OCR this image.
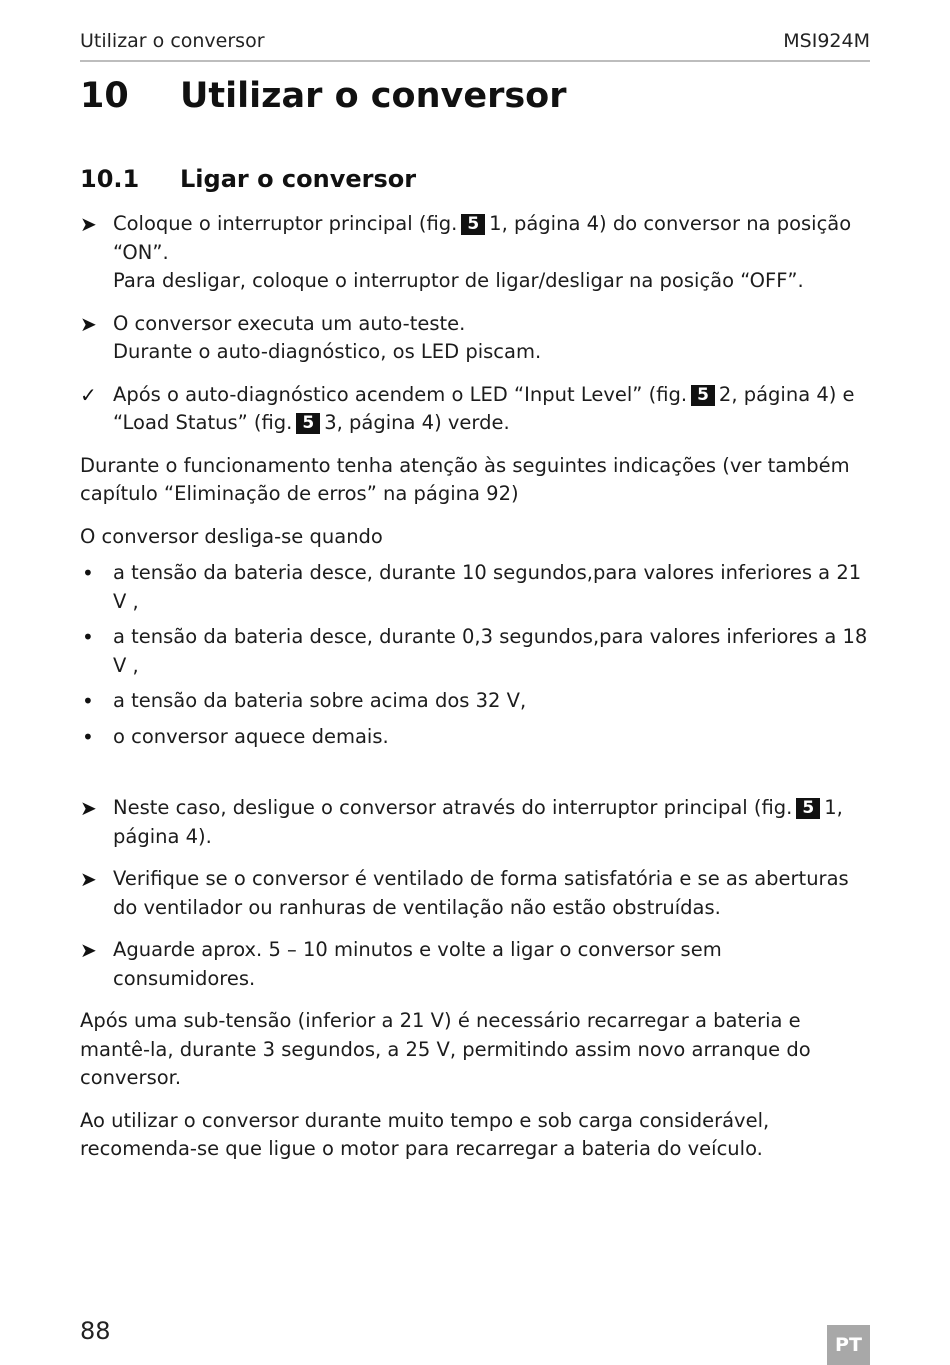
Utilizar o conversor	MSI924M
10 Utilizar o conversor
10.1 Ligar o conversor
➤ Coloque o interruptor principal (fig. 5 1, página 4) do conversor na posição

“ON”.

Para desligar, coloque o interruptor de ligar/desligar na posição “OFF”.

➤ O conversor executa um auto-teste.

Durante o auto-diagnóstico, os LED piscam.

✓ Após o auto-diagnóstico acendem o LED “Input Level” (fig. 5 2, página 4) e

“Load Status” (fig. 5 3, página 4) verde.

Durante o funcionamento tenha atenção às seguintes indicações (ver também capítulo “Eliminação de erros” na página 92)

O conversor desliga-se quando

• a tensão da bateria desce, durante 10 segundos,para valores inferiores a 21 V ,
• a tensão da bateria desce, durante 0,3 segundos,para valores inferiores a 18 V ,
• a tensão da bateria sobre acima dos 32 V,
• o conversor aquece demais.
➤ Neste caso, desligue o conversor através do interruptor principal (fig. 5 1,

página 4).

➤ Verifique se o conversor é ventilado de forma satisfatória e se as aberturas do ventilador ou ranhuras de ventilação não estão obstruídas.

➤ Aguarde aprox. 5 – 10 minutos e volte a ligar o conversor sem consumidores.

Após uma sub-tensão (inferior a 21 V) é necessário recarregar a bateria e mantê-la, durante 3 segundos, a 25 V, permitindo assim novo arranque do conversor.

Ao utilizar o conversor durante muito tempo e sob carga considerável, recomenda-se que ligue o motor para recarregar a bateria do veículo.

88	PT
